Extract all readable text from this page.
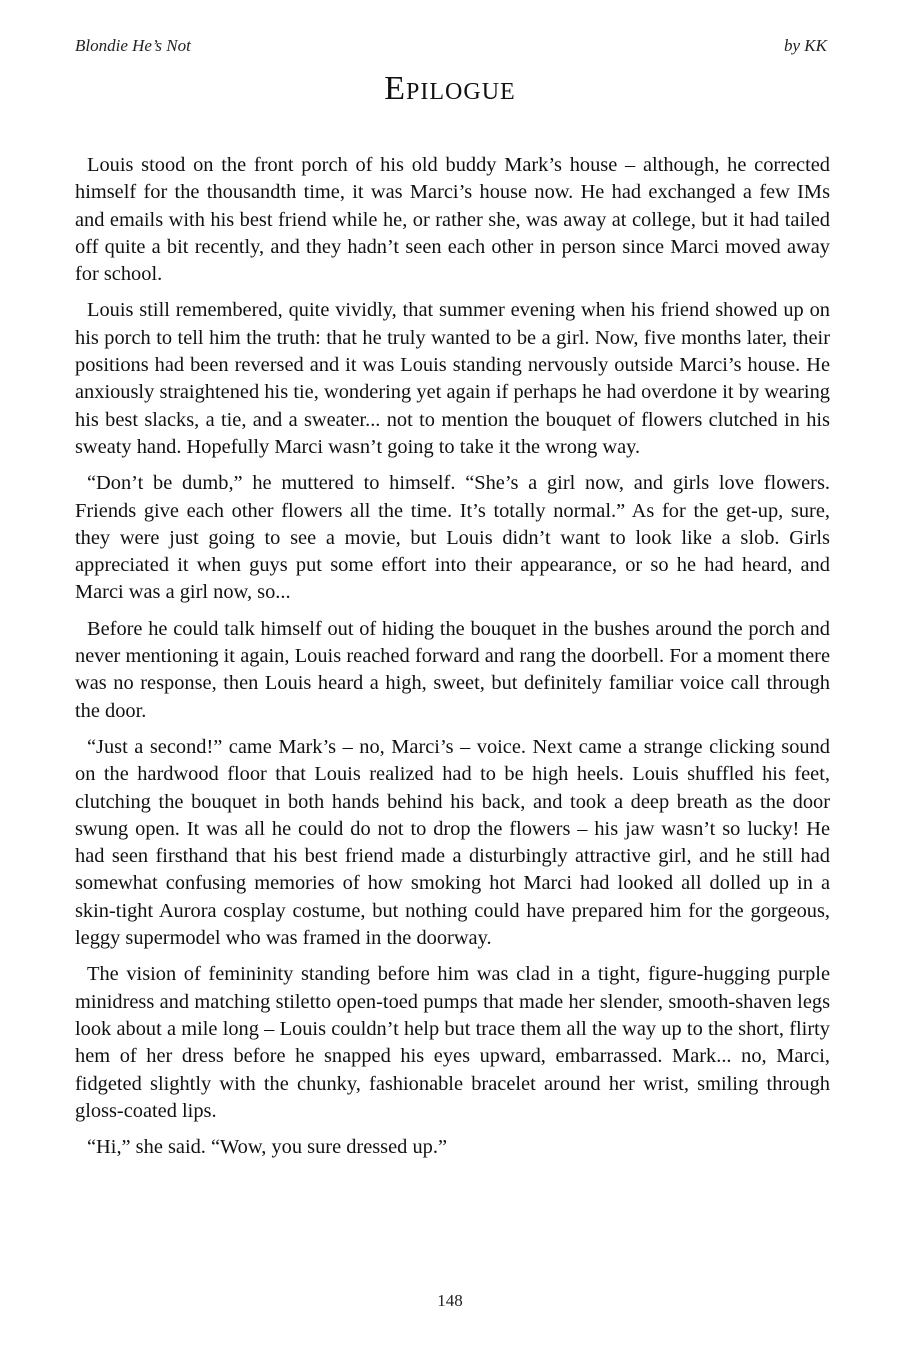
Blondie He’s Not	by KK
Epilogue

Louis stood on the front porch of his old buddy Mark’s house – although, he corrected himself for the thousandth time, it was Marci’s house now. He had exchanged a few IMs and emails with his best friend while he, or rather she, was away at college, but it had tailed off quite a bit recently, and they hadn’t seen each other in person since Marci moved away for school.

Louis still remembered, quite vividly, that summer evening when his friend showed up on his porch to tell him the truth: that he truly wanted to be a girl. Now, five months later, their positions had been reversed and it was Louis standing nervously outside Marci’s house. He anxiously straightened his tie, wondering yet again if perhaps he had overdone it by wearing his best slacks, a tie, and a sweater... not to mention the bouquet of flowers clutched in his sweaty hand. Hopefully Marci wasn’t going to take it the wrong way.

“Don’t be dumb,” he muttered to himself. “She’s a girl now, and girls love flowers. Friends give each other flowers all the time. It’s totally normal.” As for the get-up, sure, they were just going to see a movie, but Louis didn’t want to look like a slob. Girls appreciated it when guys put some effort into their appearance, or so he had heard, and Marci was a girl now, so...

Before he could talk himself out of hiding the bouquet in the bushes around the porch and never mentioning it again, Louis reached forward and rang the doorbell. For a moment there was no response, then Louis heard a high, sweet, but definitely familiar voice call through the door.

“Just a second!” came Mark’s – no, Marci’s – voice. Next came a strange clicking sound on the hardwood floor that Louis realized had to be high heels. Louis shuffled his feet, clutching the bouquet in both hands behind his back, and took a deep breath as the door swung open. It was all he could do not to drop the flowers – his jaw wasn’t so lucky! He had seen firsthand that his best friend made a disturbingly attractive girl, and he still had somewhat confusing memories of how smoking hot Marci had looked all dolled up in a skin-tight Aurora cosplay costume, but nothing could have prepared him for the gorgeous, leggy supermodel who was framed in the doorway.

The vision of femininity standing before him was clad in a tight, figure-hugging purple minidress and matching stiletto open-toed pumps that made her slender, smooth-shaven legs look about a mile long – Louis couldn’t help but trace them all the way up to the short, flirty hem of her dress before he snapped his eyes upward, embarrassed. Mark... no, Marci, fidgeted slightly with the chunky, fashionable bracelet around her wrist, smiling through gloss-coated lips.

“Hi,” she said. “Wow, you sure dressed up.”

148
